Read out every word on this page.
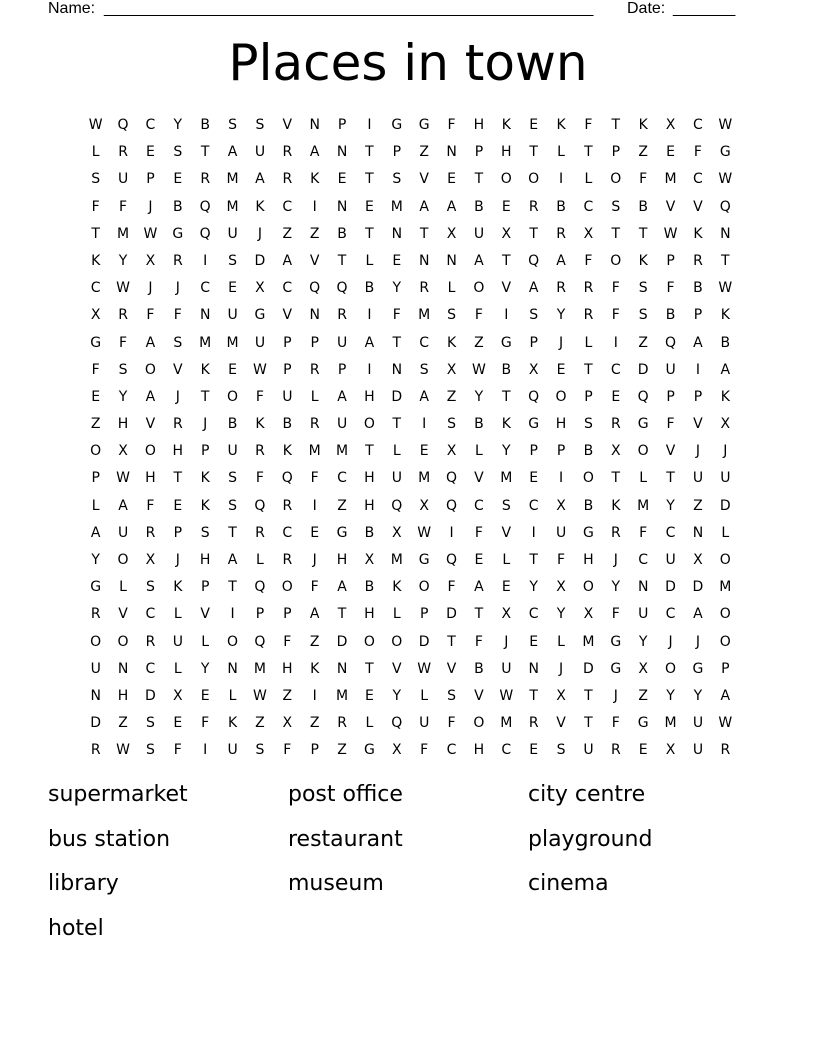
Name: _______________________________________________________ Date: _______
Places in town
W	Q	C	Y	B	S	S	V	N	P	I	G	G	F	H	K	E	K	F	T	K	X	C	W
L	R	E	S	T	A	U	R	A	N	T	P	Z	N	P	H	T	L	T	P	Z	E	F	G
S	U	P	E	R	M	A	R	K	E	T	S	V	E	T	O	O	I	L	O	F	M	C	W
F	F	J	B	Q	M	K	C	I	N	E	M	A	A	B	E	R	B	C	S	B	V	V	Q
T	M	W	G	Q	U	J	Z	Z	B	T	N	T	X	U	X	T	R	X	T	T	W	K	N
K	Y	X	R	I	S	D	A	V	T	L	E	N	N	A	T	Q	A	F	O	K	P	R	T
C	W	J	J	C	E	X	C	Q	Q	B	Y	R	L	O	V	A	R	R	F	S	F	B	W
X	R	F	F	N	U	G	V	N	R	I	F	M	S	F	I	S	Y	R	F	S	B	P	K
G	F	A	S	M	M	U	P	P	U	A	T	C	K	Z	G	P	J	L	I	Z	Q	A	B
F	S	O	V	K	E	W	P	R	P	I	N	S	X	W	B	X	E	T	C	D	U	I	A
E	Y	A	J	T	O	F	U	L	A	H	D	A	Z	Y	T	Q	O	P	E	Q	P	P	K
Z	H	V	R	J	B	K	B	R	U	O	T	I	S	B	K	G	H	S	R	G	F	V	X
O	X	O	H	P	U	R	K	M	M	T	L	E	X	L	Y	P	P	B	X	O	V	J	J
P	W	H	T	K	S	F	Q	F	C	H	U	M	Q	V	M	E	I	O	T	L	T	U	U
L	A	F	E	K	S	Q	R	I	Z	H	Q	X	Q	C	S	C	X	B	K	M	Y	Z	D
A	U	R	P	S	T	R	C	E	G	B	X	W	I	F	V	I	U	G	R	F	C	N	L
Y	O	X	J	H	A	L	R	J	H	X	M	G	Q	E	L	T	F	H	J	C	U	X	O
G	L	S	K	P	T	Q	O	F	A	B	K	O	F	A	E	Y	X	O	Y	N	D	D	M
R	V	C	L	V	I	P	P	A	T	H	L	P	D	T	X	C	Y	X	F	U	C	A	O
O	O	R	U	L	O	Q	F	Z	D	O	O	D	T	F	J	E	L	M	G	Y	J	J	O
U	N	C	L	Y	N	M	H	K	N	T	V	W	V	B	U	N	J	D	G	X	O	G	P
N	H	D	X	E	L	W	Z	I	M	E	Y	L	S	V	W	T	X	T	J	Z	Y	Y	A
D	Z	S	E	F	K	Z	X	Z	R	L	Q	U	F	O	M	R	V	T	F	G	M	U	W
R	W	S	F	I	U	S	F	P	Z	G	X	F	C	H	C	E	S	U	R	E	X	U	R
supermarket	post office	city centre
bus station	restaurant	playground
library	museum	cinema
hotel
